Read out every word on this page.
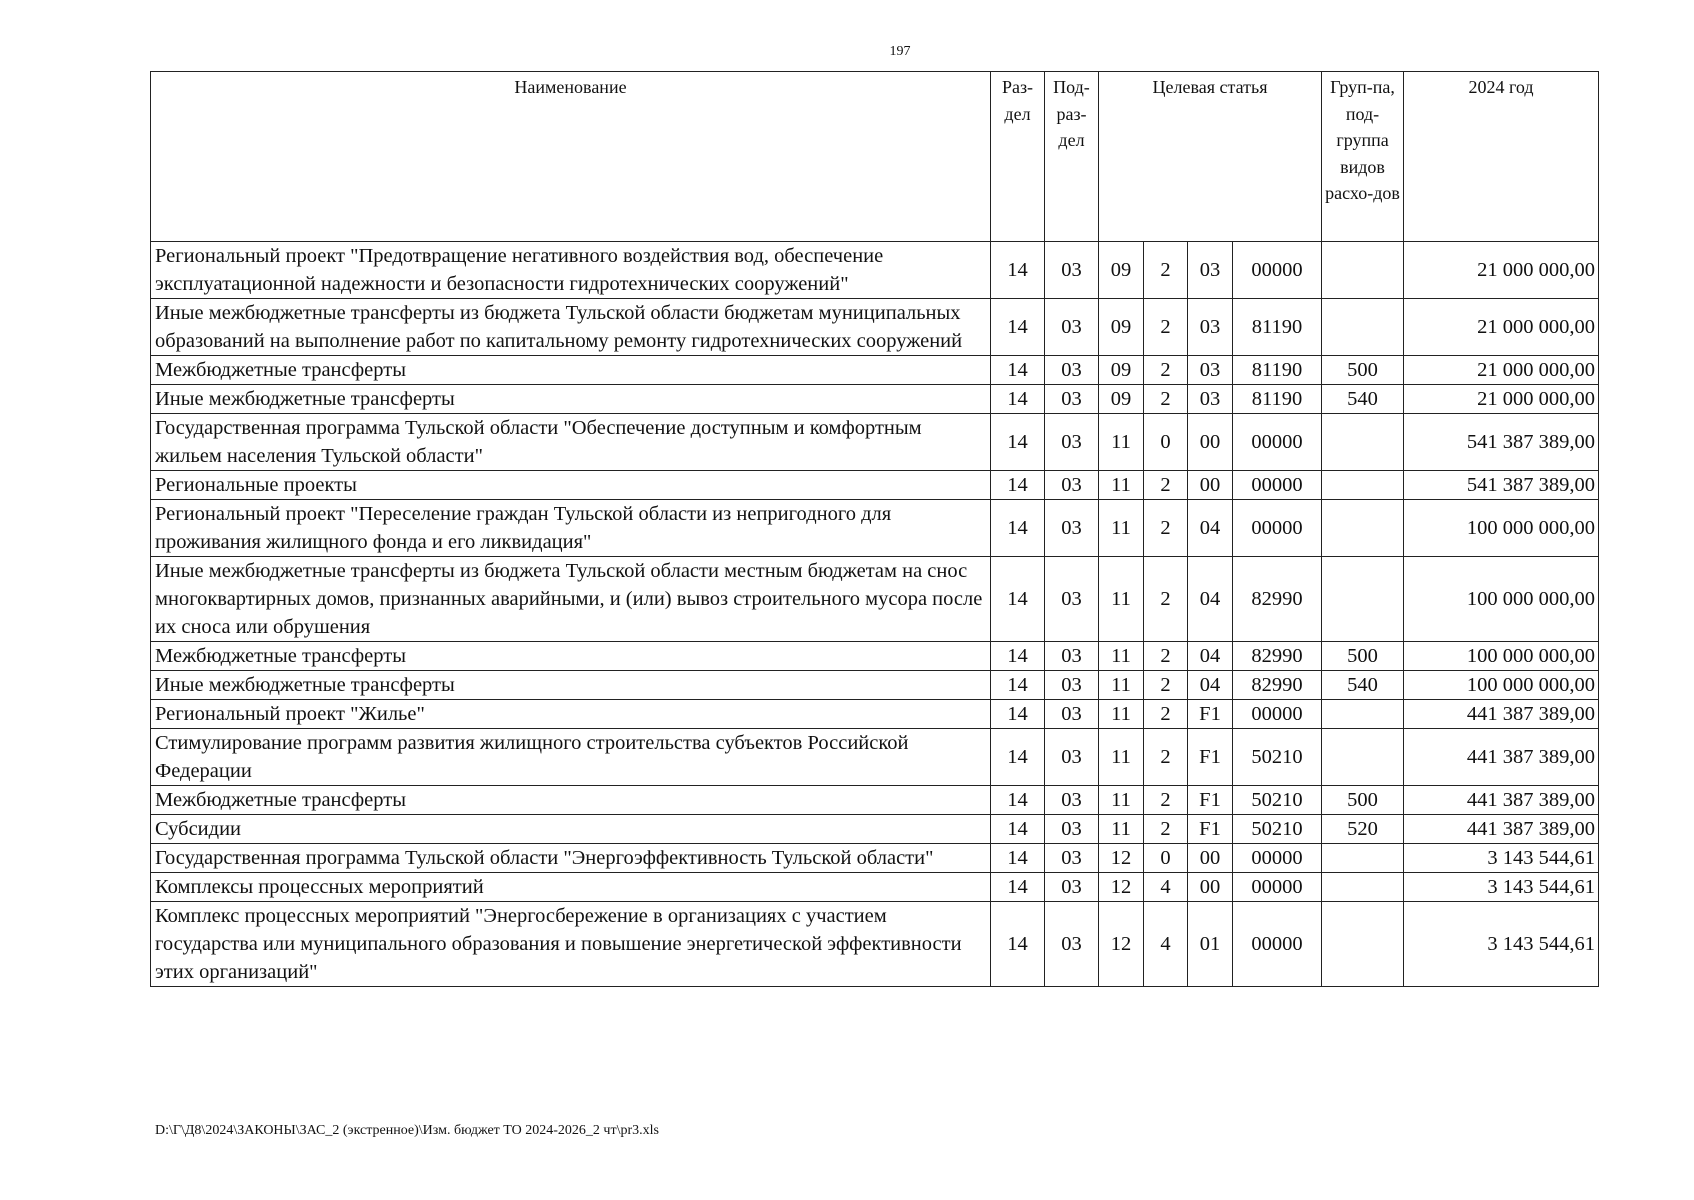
197
Наименование	Раз-дел	Под-раз-дел	Целевая статья				Груп-па, под-группа видов расхо-дов	2024 год
Региональный проект "Предотвращение негативного воздействия вод, обеспечение эксплуатационной надежности и безопасности гидротехнических сооружений"	14	03	09	2	03	00000		21 000 000,00
Иные межбюджетные трансферты из бюджета Тульской области бюджетам муниципальных образований на выполнение работ по капитальному ремонту гидротехнических сооружений	14	03	09	2	03	81190		21 000 000,00
Межбюджетные трансферты	14	03	09	2	03	81190	500	21 000 000,00
Иные межбюджетные трансферты	14	03	09	2	03	81190	540	21 000 000,00
Государственная программа Тульской области "Обеспечение доступным и комфортным жильем населения Тульской области"	14	03	11	0	00	00000		541 387 389,00
Региональные проекты	14	03	11	2	00	00000		541 387 389,00
Региональный проект "Переселение граждан Тульской области из непригодного для проживания жилищного фонда и его ликвидация"	14	03	11	2	04	00000		100 000 000,00
Иные межбюджетные трансферты из бюджета Тульской области местным бюджетам на снос многоквартирных домов, признанных аварийными, и (или) вывоз строительного мусора после их сноса или обрушения	14	03	11	2	04	82990		100 000 000,00
Межбюджетные трансферты	14	03	11	2	04	82990	500	100 000 000,00
Иные межбюджетные трансферты	14	03	11	2	04	82990	540	100 000 000,00
Региональный проект "Жилье"	14	03	11	2	F1	00000		441 387 389,00
Стимулирование программ развития жилищного строительства субъектов Российской Федерации	14	03	11	2	F1	50210		441 387 389,00
Межбюджетные трансферты	14	03	11	2	F1	50210	500	441 387 389,00
Субсидии	14	03	11	2	F1	50210	520	441 387 389,00
Государственная программа Тульской области "Энергоэффективность Тульской области"	14	03	12	0	00	00000		3 143 544,61
Комплексы процессных мероприятий	14	03	12	4	00	00000		3 143 544,61
Комплекс процессных мероприятий "Энергосбережение в организациях с участием государства или муниципального образования и повышение энергетической эффективности этих организаций"	14	03	12	4	01	00000		3 143 544,61
D:\Г\Д8\2024\ЗАКОНЫ\ЗАС_2 (экстренное)\Изм. бюджет ТО 2024-2026_2 чт\pr3.xls
